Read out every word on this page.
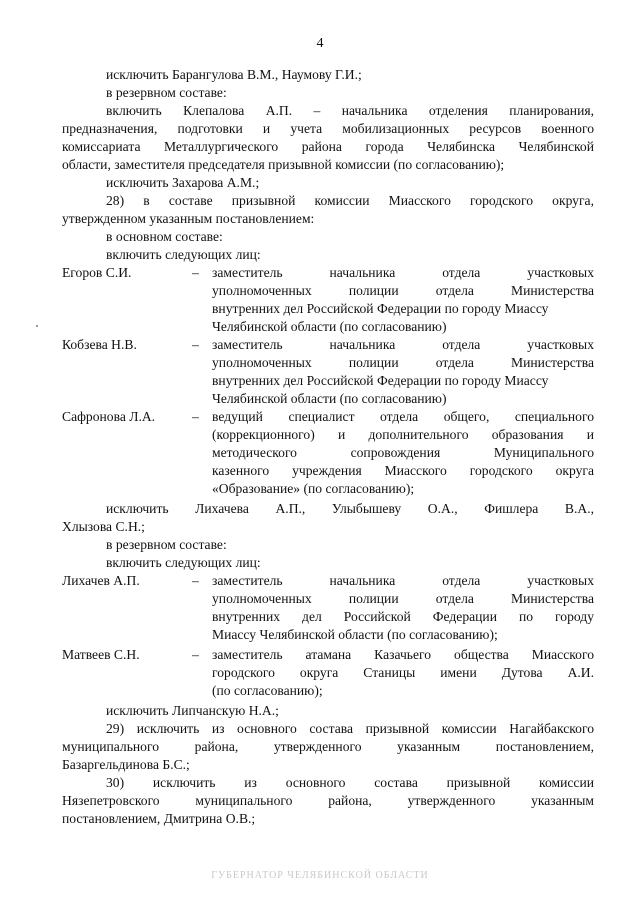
4
исключить Барангулова В.М., Наумову Г.И.;
в резервном составе:
включить Клепалова А.П. – начальника отделения планирования,
предназначения, подготовки и учета мобилизационных ресурсов военного
комиссариата Металлургического района города Челябинска Челябинской
области, заместителя председателя призывной комиссии (по согласованию);
исключить Захарова А.М.;
28) в составе призывной комиссии Миасского городского округа,
утвержденном указанным постановлением:
в основном составе:
включить следующих лиц:
Егоров С.И.	– заместитель начальника отдела участковых
уполномоченных полиции отдела Министерства
внутренних дел Российской Федерации по городу Миассу
Челябинской области (по согласованию)
Кобзева Н.В.	– заместитель начальника отдела участковых
уполномоченных полиции отдела Министерства
внутренних дел Российской Федерации по городу Миассу
Челябинской области (по согласованию)
Сафронова Л.А.	– ведущий специалист отдела общего, специального
(коррекционного) и дополнительного образования и
методического сопровождения Муниципального
казенного учреждения Миасского городского округа
«Образование» (по согласованию);
исключить Лихачева А.П., Улыбышеву О.А., Фишлера В.А.,
Хлызова С.Н.;
в резервном составе:
включить следующих лиц:
Лихачев А.П.	– заместитель начальника отдела участковых
уполномоченных полиции отдела Министерства
внутренних дел Российской Федерации по городу
Миассу Челябинской области (по согласованию);
Матвеев С.Н.	– заместитель атамана Казачьего общества Миасского
городского округа Станицы имени Дутова А.И.
(по согласованию);
исключить Липчанскую Н.А.;
29) исключить из основного состава призывной комиссии Нагайбакского
муниципального района, утвержденного указанным постановлением,
Базаргельдинова Б.С.;
30) исключить из основного состава призывной комиссии
Нязепетровского муниципального района, утвержденного указанным
постановлением, Дмитрина О.В.;
ГУБЕРНАТОР ЧЕЛЯБИНСКОЙ ОБЛАСТИ
